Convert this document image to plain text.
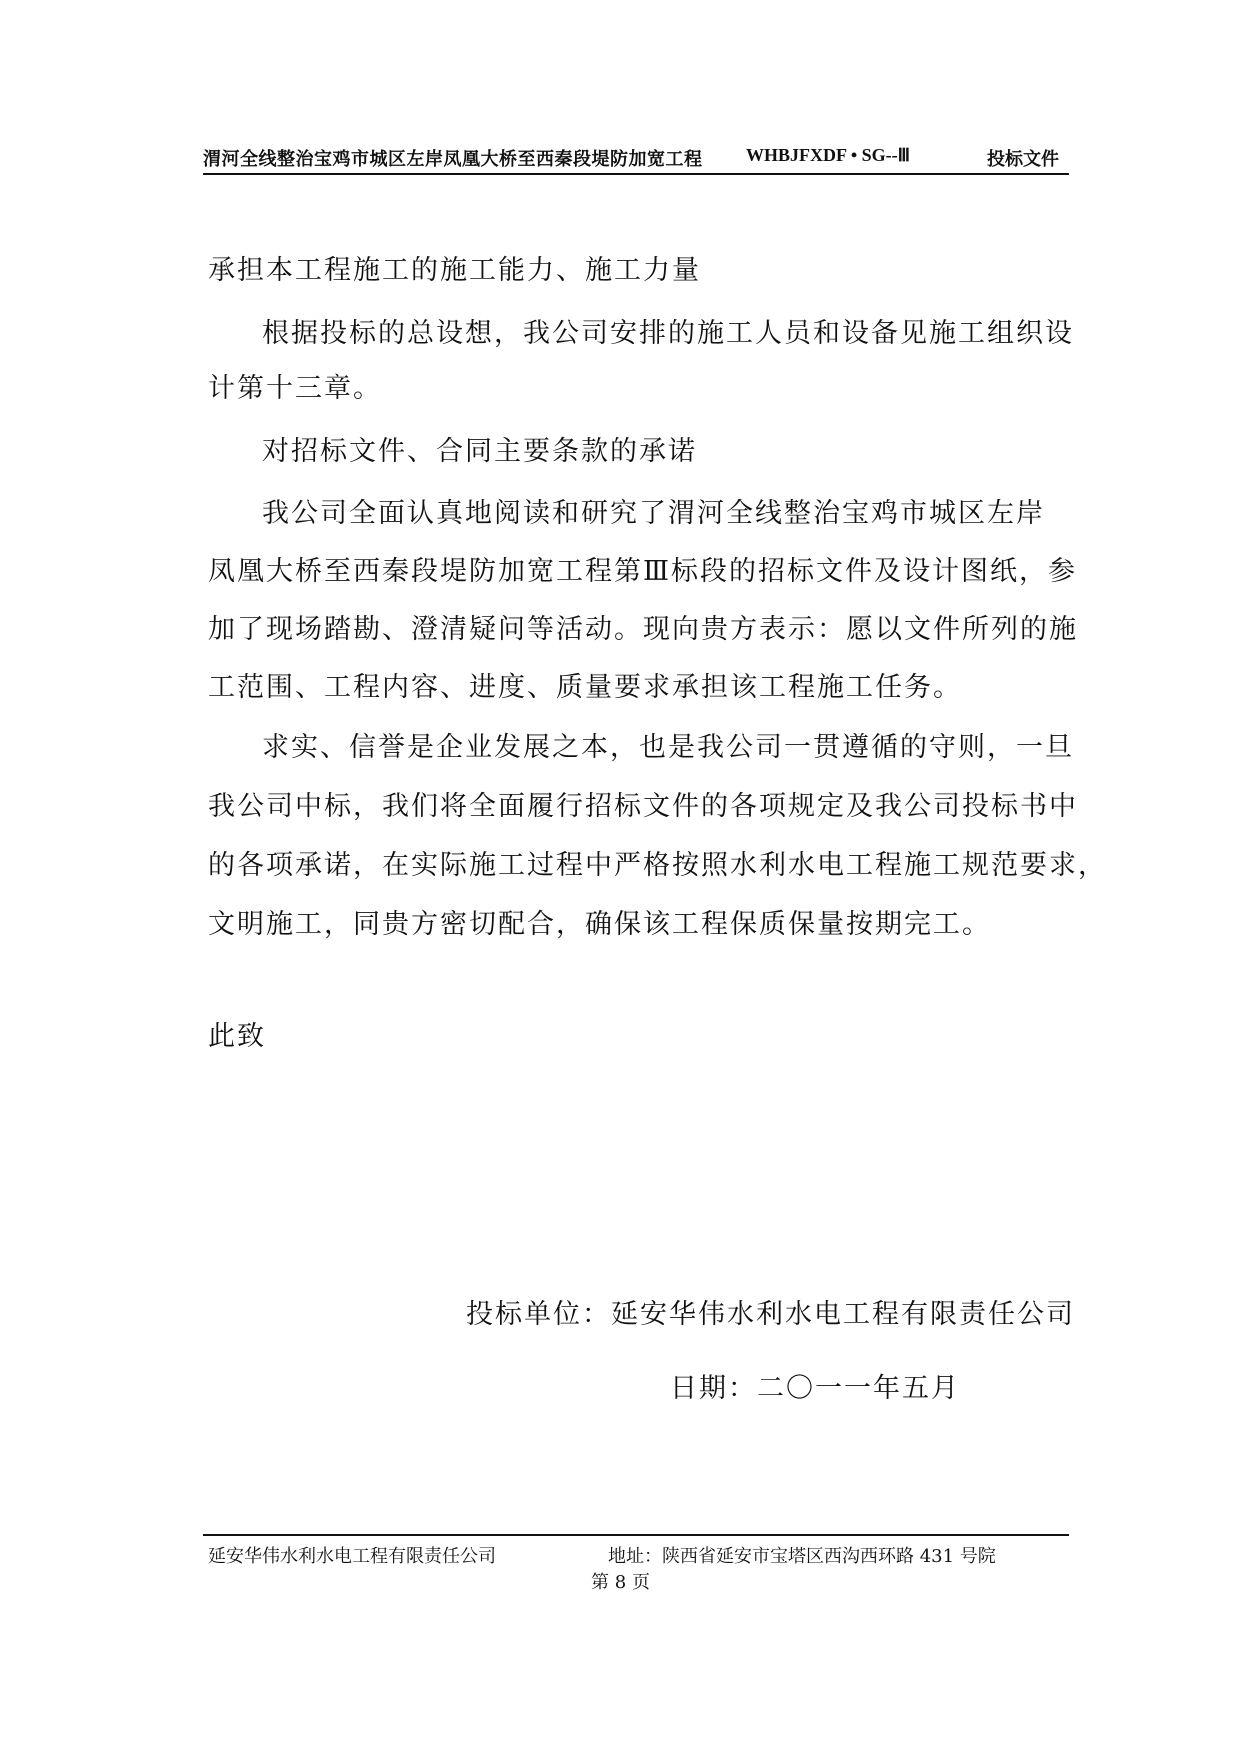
渭河全线整治宝鸡市城区左岸凤凰大桥至西秦段堤防加宽工程 WHBJFXDF • SG--Ⅲ	投标文件
承担本工程施工的施工能力、施工力量
根据投标的总设想，我公司安排的施工人员和设备见施工组织设
计第十三章。
对招标文件、合同主要条款的承诺
我公司全面认真地阅读和研究了渭河全线整治宝鸡市城区左岸
凤凰大桥至西秦段堤防加宽工程第Ⅲ标段的招标文件及设计图纸，参
加了现场踏勘、澄清疑问等活动。现向贵方表示：愿以文件所列的施
工范围、工程内容、进度、质量要求承担该工程施工任务。
求实、信誉是企业发展之本，也是我公司一贯遵循的守则，一旦
我公司中标，我们将全面履行招标文件的各项规定及我公司投标书中
的各项承诺，在实际施工过程中严格按照水利水电工程施工规范要求，
文明施工，同贵方密切配合，确保该工程保质保量按期完工。
此致
投标单位：延安华伟水利水电工程有限责任公司
日期：二〇一一年五月
延安华伟水利水电工程有限责任公司	地址：陕西省延安市宝塔区西沟西环路 431 号院
第 8 页
